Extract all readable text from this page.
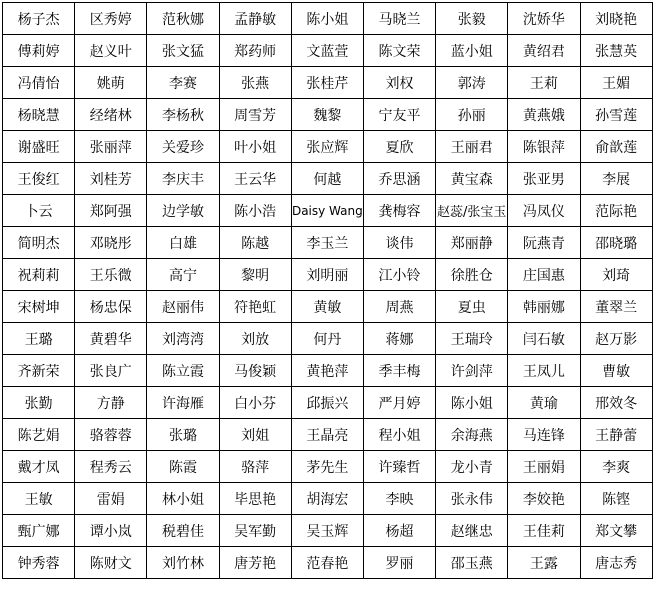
杨子杰	区秀婷	范秋娜	孟静敏	陈小姐	马晓兰	张毅	沈娇华	刘晓艳
傅莉婷	赵义叶	张文猛	郑药师	文蓝萱	陈文荣	蓝小姐	黄绍君	张慧英
冯倩怡	姚萌	李赛	张燕	张桂芹	刘权	郭涛	王莉	王媚
杨晓慧	经绪林	李杨秋	周雪芳	魏黎	宁友平	孙丽	黄燕娥	孙雪莲
谢盛旺	张丽萍	关爱珍	叶小姐	张应辉	夏欣	王丽君	陈银萍	俞歆莲
王俊红	刘桂芳	李庆丰	王云华	何越	乔思涵	黄宝森	张亚男	李展
卜云	郑阿强	边学敏	陈小浩	Daisy Wang	龚梅容	赵蕊/张宝玉	冯凤仪	范际艳
简明杰	邓晓彤	白雄	陈越	李玉兰	谈伟	郑丽静	阮燕青	邵晓璐
祝莉莉	王乐微	高宁	黎明	刘明丽	江小铃	徐胜仓	庄国惠	刘琦
宋树坤	杨忠保	赵丽伟	符艳虹	黄敏	周燕	夏虫	韩丽娜	董翠兰
王璐	黄碧华	刘湾湾	刘放	何丹	蒋娜	王瑞玲	闫石敏	赵万影
齐新荣	张良广	陈立霞	马俊颖	黄艳萍	季丰梅	许剑萍	王凤儿	曹敏
张勤	方静	许海雁	白小芬	邱振兴	严月婷	陈小姐	黄瑜	邢效冬
陈艺娟	骆蓉蓉	张璐	刘姐	王晶亮	程小姐	余海燕	马连锋	王静蕾
戴才凤	程秀云	陈霞	骆萍	茅先生	许臻哲	龙小青	王丽娟	李爽
王敏	雷娟	林小姐	毕思艳	胡海宏	李映	张永伟	李姣艳	陈铿
甄广娜	谭小岚	税碧佳	吴军勤	吴玉辉	杨超	赵继忠	王佳莉	郑文攀
钟秀蓉	陈财文	刘竹林	唐芳艳	范春艳	罗丽	邵玉燕	王露	唐志秀
